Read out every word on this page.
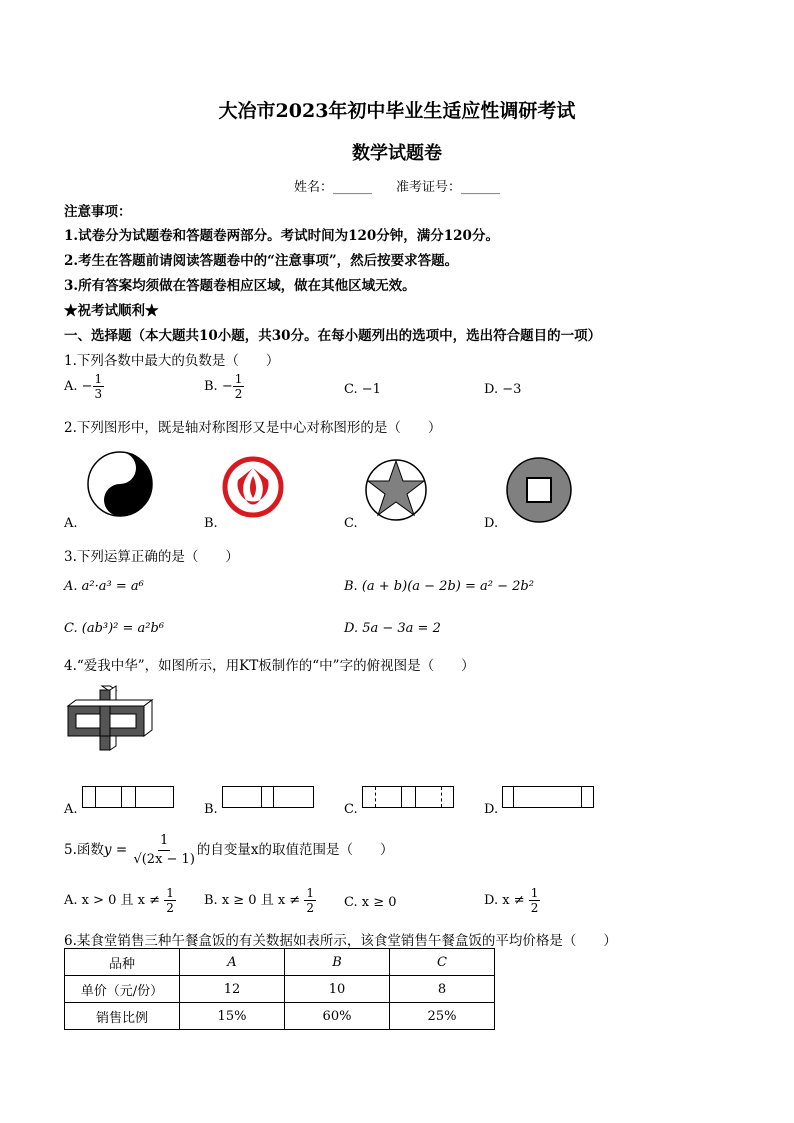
大冶市2023年初中毕业生适应性调研考试
数学试题卷
姓名：______ 准考证号：______
注意事项：
1.试卷分为试题卷和答题卷两部分。考试时间为120分钟，满分120分。
2.考生在答题前请阅读答题卷中的“注意事项”，然后按要求答题。
3.所有答案均须做在答题卷相应区域，做在其他区域无效。
★祝考试顺利★
一、选择题（本大题共10小题，共30分。在每小题列出的选项中，选出符合题目的一项）
1.下列各数中最大的负数是（　　）
A. − $\frac{1}{3}$	B. − $\frac{1}{2}$	C. −1	D. −3
2.下列图形中，既是轴对称图形又是中心对称图形的是（　　）
A.	B.	C.	D.
3.下列运算正确的是（　　）
A. a²·a³ = a⁶	B. (a + b)(a − 2b) = a² − 2b²
C. (ab³)² = a²b⁶	D. 5a − 3a = 2
4.“爱我中华”，如图所示，用KT板制作的“中”字的俯视图是（　　）
A.	B.	C.	D.
5.函数$y = \frac{1}{√(2x - 1)}$ 的自变量x的取值范围是（　　）
A. x > 0 且 $x \ne \frac{1}{2} B$. x ≥ 0 且 $x \ne \frac{1}{2} C$. x ≥ 0	D. $x \ne \frac{1}{2}$
6.某食堂销售三种午餐盒饭的有关数据如表所示，该食堂销售午餐盒饭的平均价格是（　　）
品种	A	B	C
单价（元/份）	12	10	8
销售比例	15%	60%	25%
